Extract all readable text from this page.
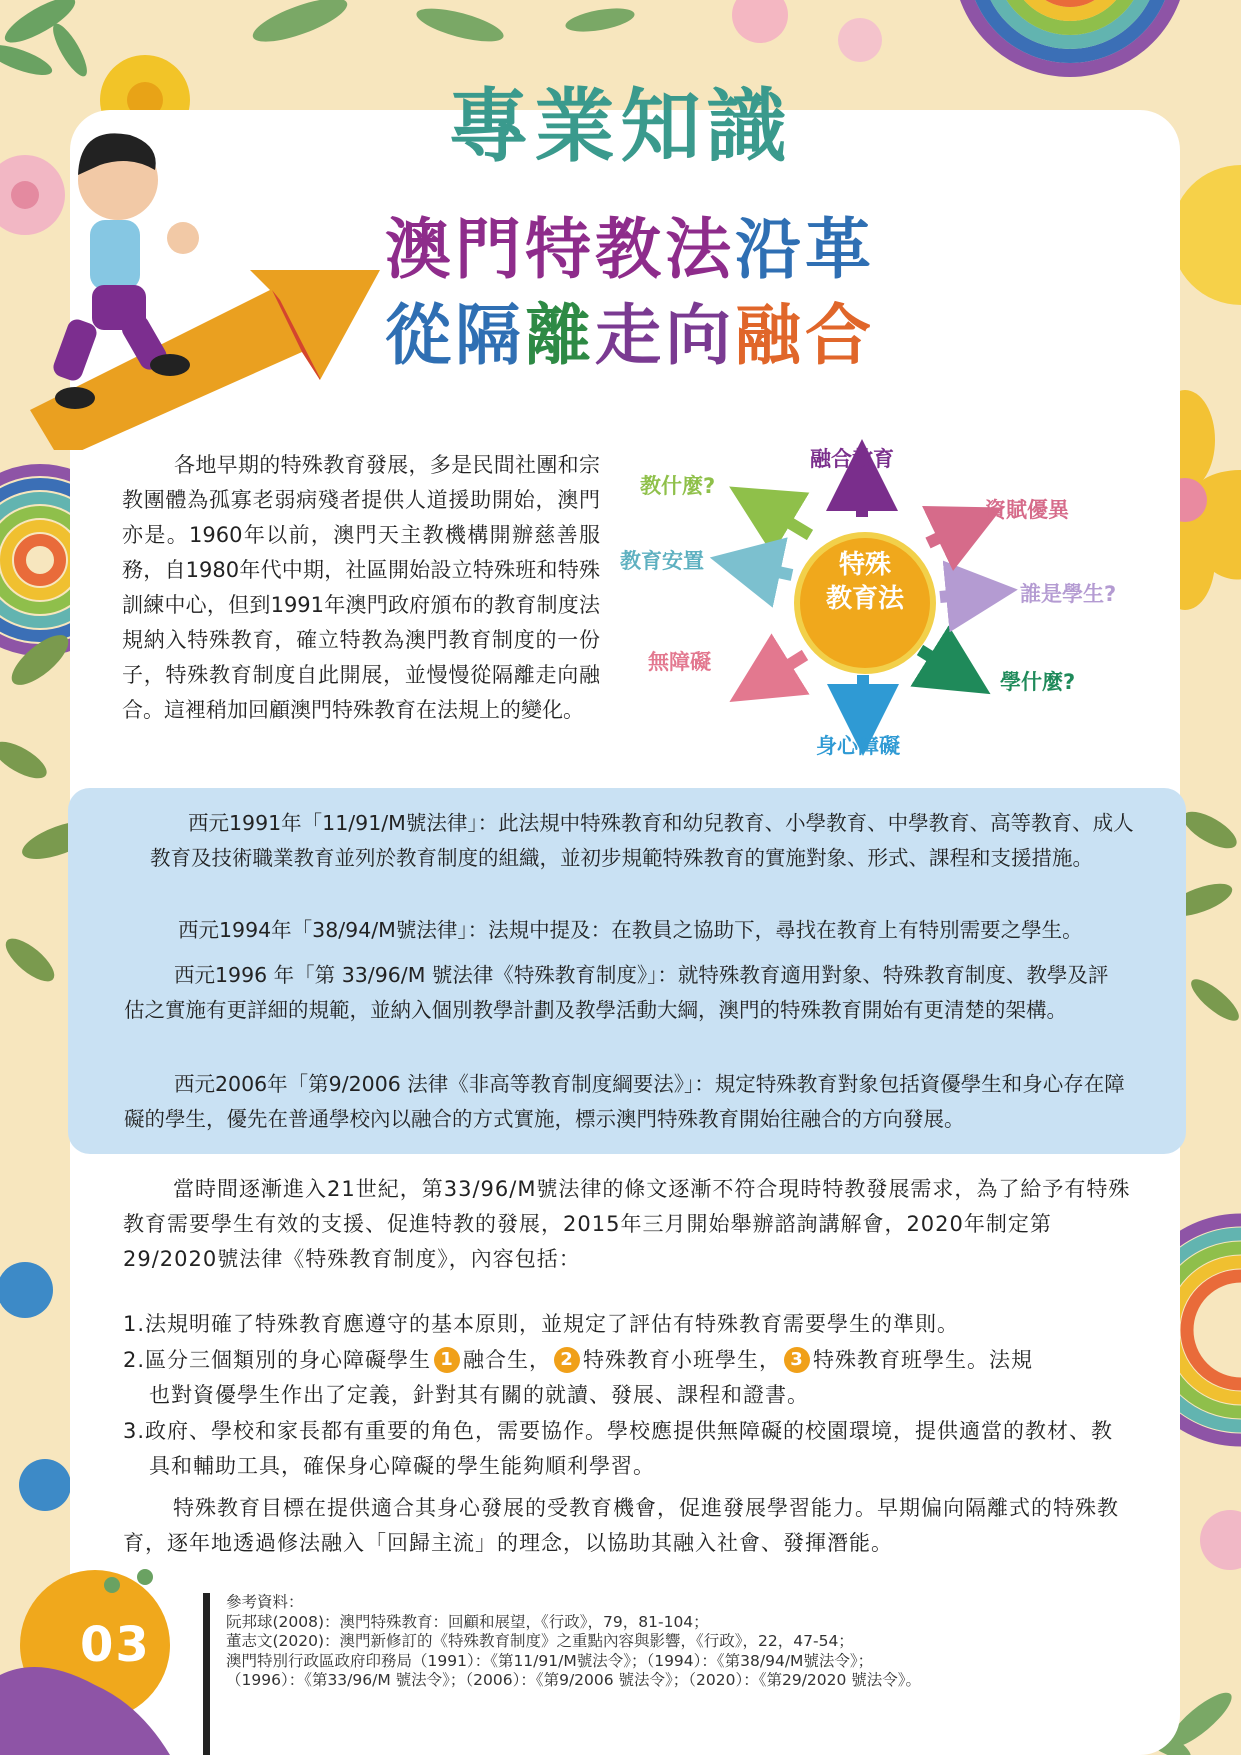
專業知識
澳門特教法沿革
從隔離走向融合

各地早期的特殊教育發展，多是民間社團和宗教團體為孤寡老弱病殘者提供人道援助開始，澳門亦是。1960年以前，澳門天主教機構開辦慈善服務，自1980年代中期，社區開始設立特殊班和特殊訓練中心，但到1991年澳門政府頒布的教育制度法規納入特殊教育，確立特教為澳門教育制度的一份子，特殊教育制度自此開展，並慢慢從隔離走向融合。這裡稍加回顧澳門特殊教育在法規上的變化。

特殊
教育法
融合教育
教什麼?
教育安置
無障礙
身心障礙
學什麼?
誰是學生?
資賦優異
西元1991年「11/91/M號法律」：此法規中特殊教育和幼兒教育、小學教育、中學教育、高等教育、成人教育及技術職業教育並列於教育制度的組織，並初步規範特殊教育的實施對象、形式、課程和支援措施。
西元1994年「38/94/M號法律」：法規中提及：在教員之協助下，尋找在教育上有特別需要之學生。
西元1996 年「第 33/96/M 號法律《特殊教育制度》」：就特殊教育適用對象、特殊教育制度、教學及評估之實施有更詳細的規範，並納入個別教學計劃及教學活動大綱，澳門的特殊教育開始有更清楚的架構。
西元2006年「第9/2006 法律《非高等教育制度綱要法》」：規定特殊教育對象包括資優學生和身心存在障礙的學生，優先在普通學校內以融合的方式實施，標示澳門特殊教育開始往融合的方向發展。

當時間逐漸進入21世紀，第33/96/M號法律的條文逐漸不符合現時特教發展需求，為了給予有特殊教育需要學生有效的支援、促進特教的發展，2015年三月開始舉辦諮詢講解會，2020年制定第29/2020號法律《特殊教育制度》，內容包括：

1.法規明確了特殊教育應遵守的基本原則，並規定了評估有特殊教育需要學生的準則。

2.區分三個類別的身心障礙學生 1 融合生， 2 特殊教育小班學生， 3 特殊教育班學生。法規

也對資優學生作出了定義，針對其有關的就讀、發展、課程和證書。

3.政府、學校和家長都有重要的角色，需要協作。學校應提供無障礙的校園環境，提供適當的教材、教

具和輔助工具，確保身心障礙的學生能夠順利學習。

特殊教育目標在提供適合其身心發展的受教育機會，促進發展學習能力。早期偏向隔離式的特殊教育，逐年地透過修法融入「回歸主流」的理念，以協助其融入社會、發揮潛能。

參考資料：
阮邦球(2008)：澳門特殊教育：回顧和展望，《行政》，79，81-104；
董志文(2020)：澳門新修訂的《特殊教育制度》之重點內容與影響，《行政》，22，47-54；
澳門特別行政區政府印務局（1991）：《第11/91/M號法令》；（1994）：《第38/94/M號法令》；
（1996）：《第33/96/M 號法令》；（2006）：《第9/2006 號法令》；（2020）：《第29/2020 號法令》。
03
